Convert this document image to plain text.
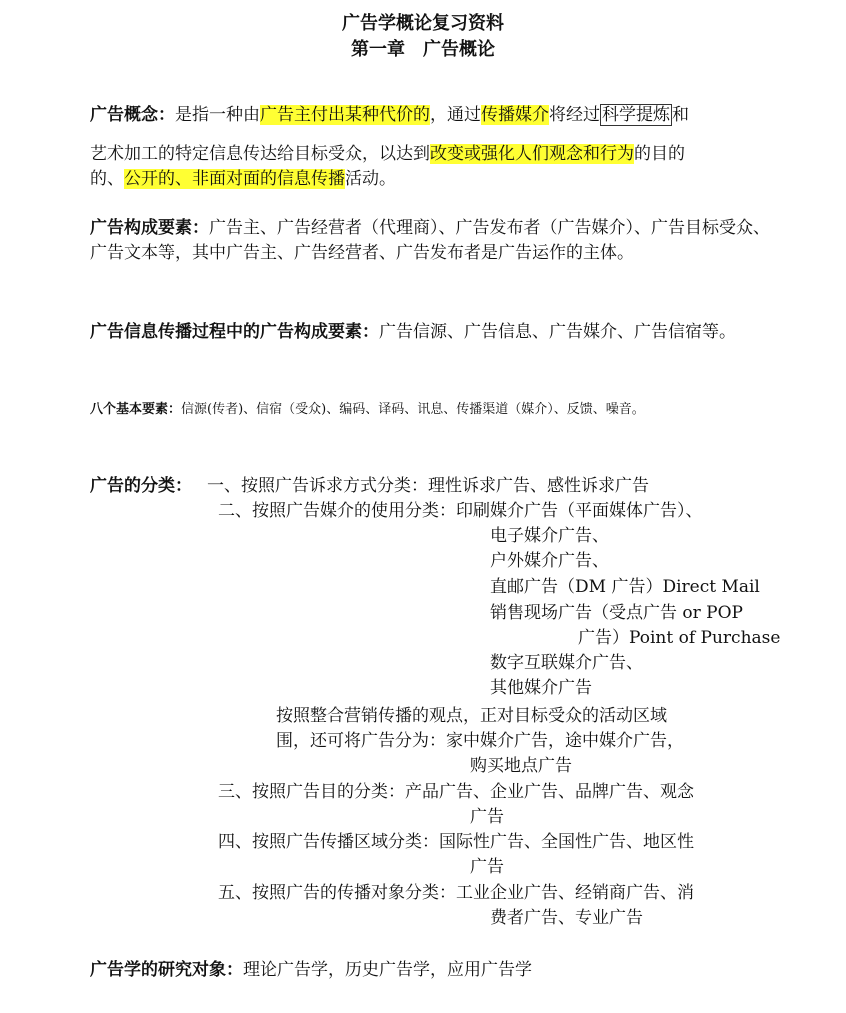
广告学概论复习资料
第一章　广告概论
广告概念：是指一种由广告主付出某种代价的，通过传播媒介将经过 科学提炼 和
艺术加工的特定信息传达给目标受众，以达到改变或强化人们观念和行为的目的
的、公开的、非面对面的信息传播活动。
广告构成要素：广告主、广告经营者（代理商）、广告发布者（广告媒介）、广告目标受众、广告文本等，其中广告主、广告经营者、广告发布者是广告运作的主体。
广告信息传播过程中的广告构成要素：广告信源、广告信息、广告媒介、广告信宿等。
八个基本要素：信源(传者)、信宿（受众)、编码、译码、讯息、传播渠道（媒介）、反馈、噪音。
广告的分类： 一、按照广告诉求方式分类：理性诉求广告、感性诉求广告
二、按照广告媒介的使用分类：印刷媒介广告（平面媒体广告）、
电子媒介广告、
户外媒介广告、
直邮广告（DM 广告）Direct Mail
销售现场广告（受点广告 or POP
广告）Point of Purchase
数字互联媒介广告、
其他媒介广告
按照整合营销传播的观点，正对目标受众的活动区域
围，还可将广告分为：家中媒介广告，途中媒介广告，
购买地点广告
三、按照广告目的分类：产品广告、企业广告、品牌广告、观念
广告
四、按照广告传播区域分类：国际性广告、全国性广告、地区性
广告
五、按照广告的传播对象分类：工业企业广告、经销商广告、消
费者广告、专业广告
广告学的研究对象：理论广告学，历史广告学，应用广告学
